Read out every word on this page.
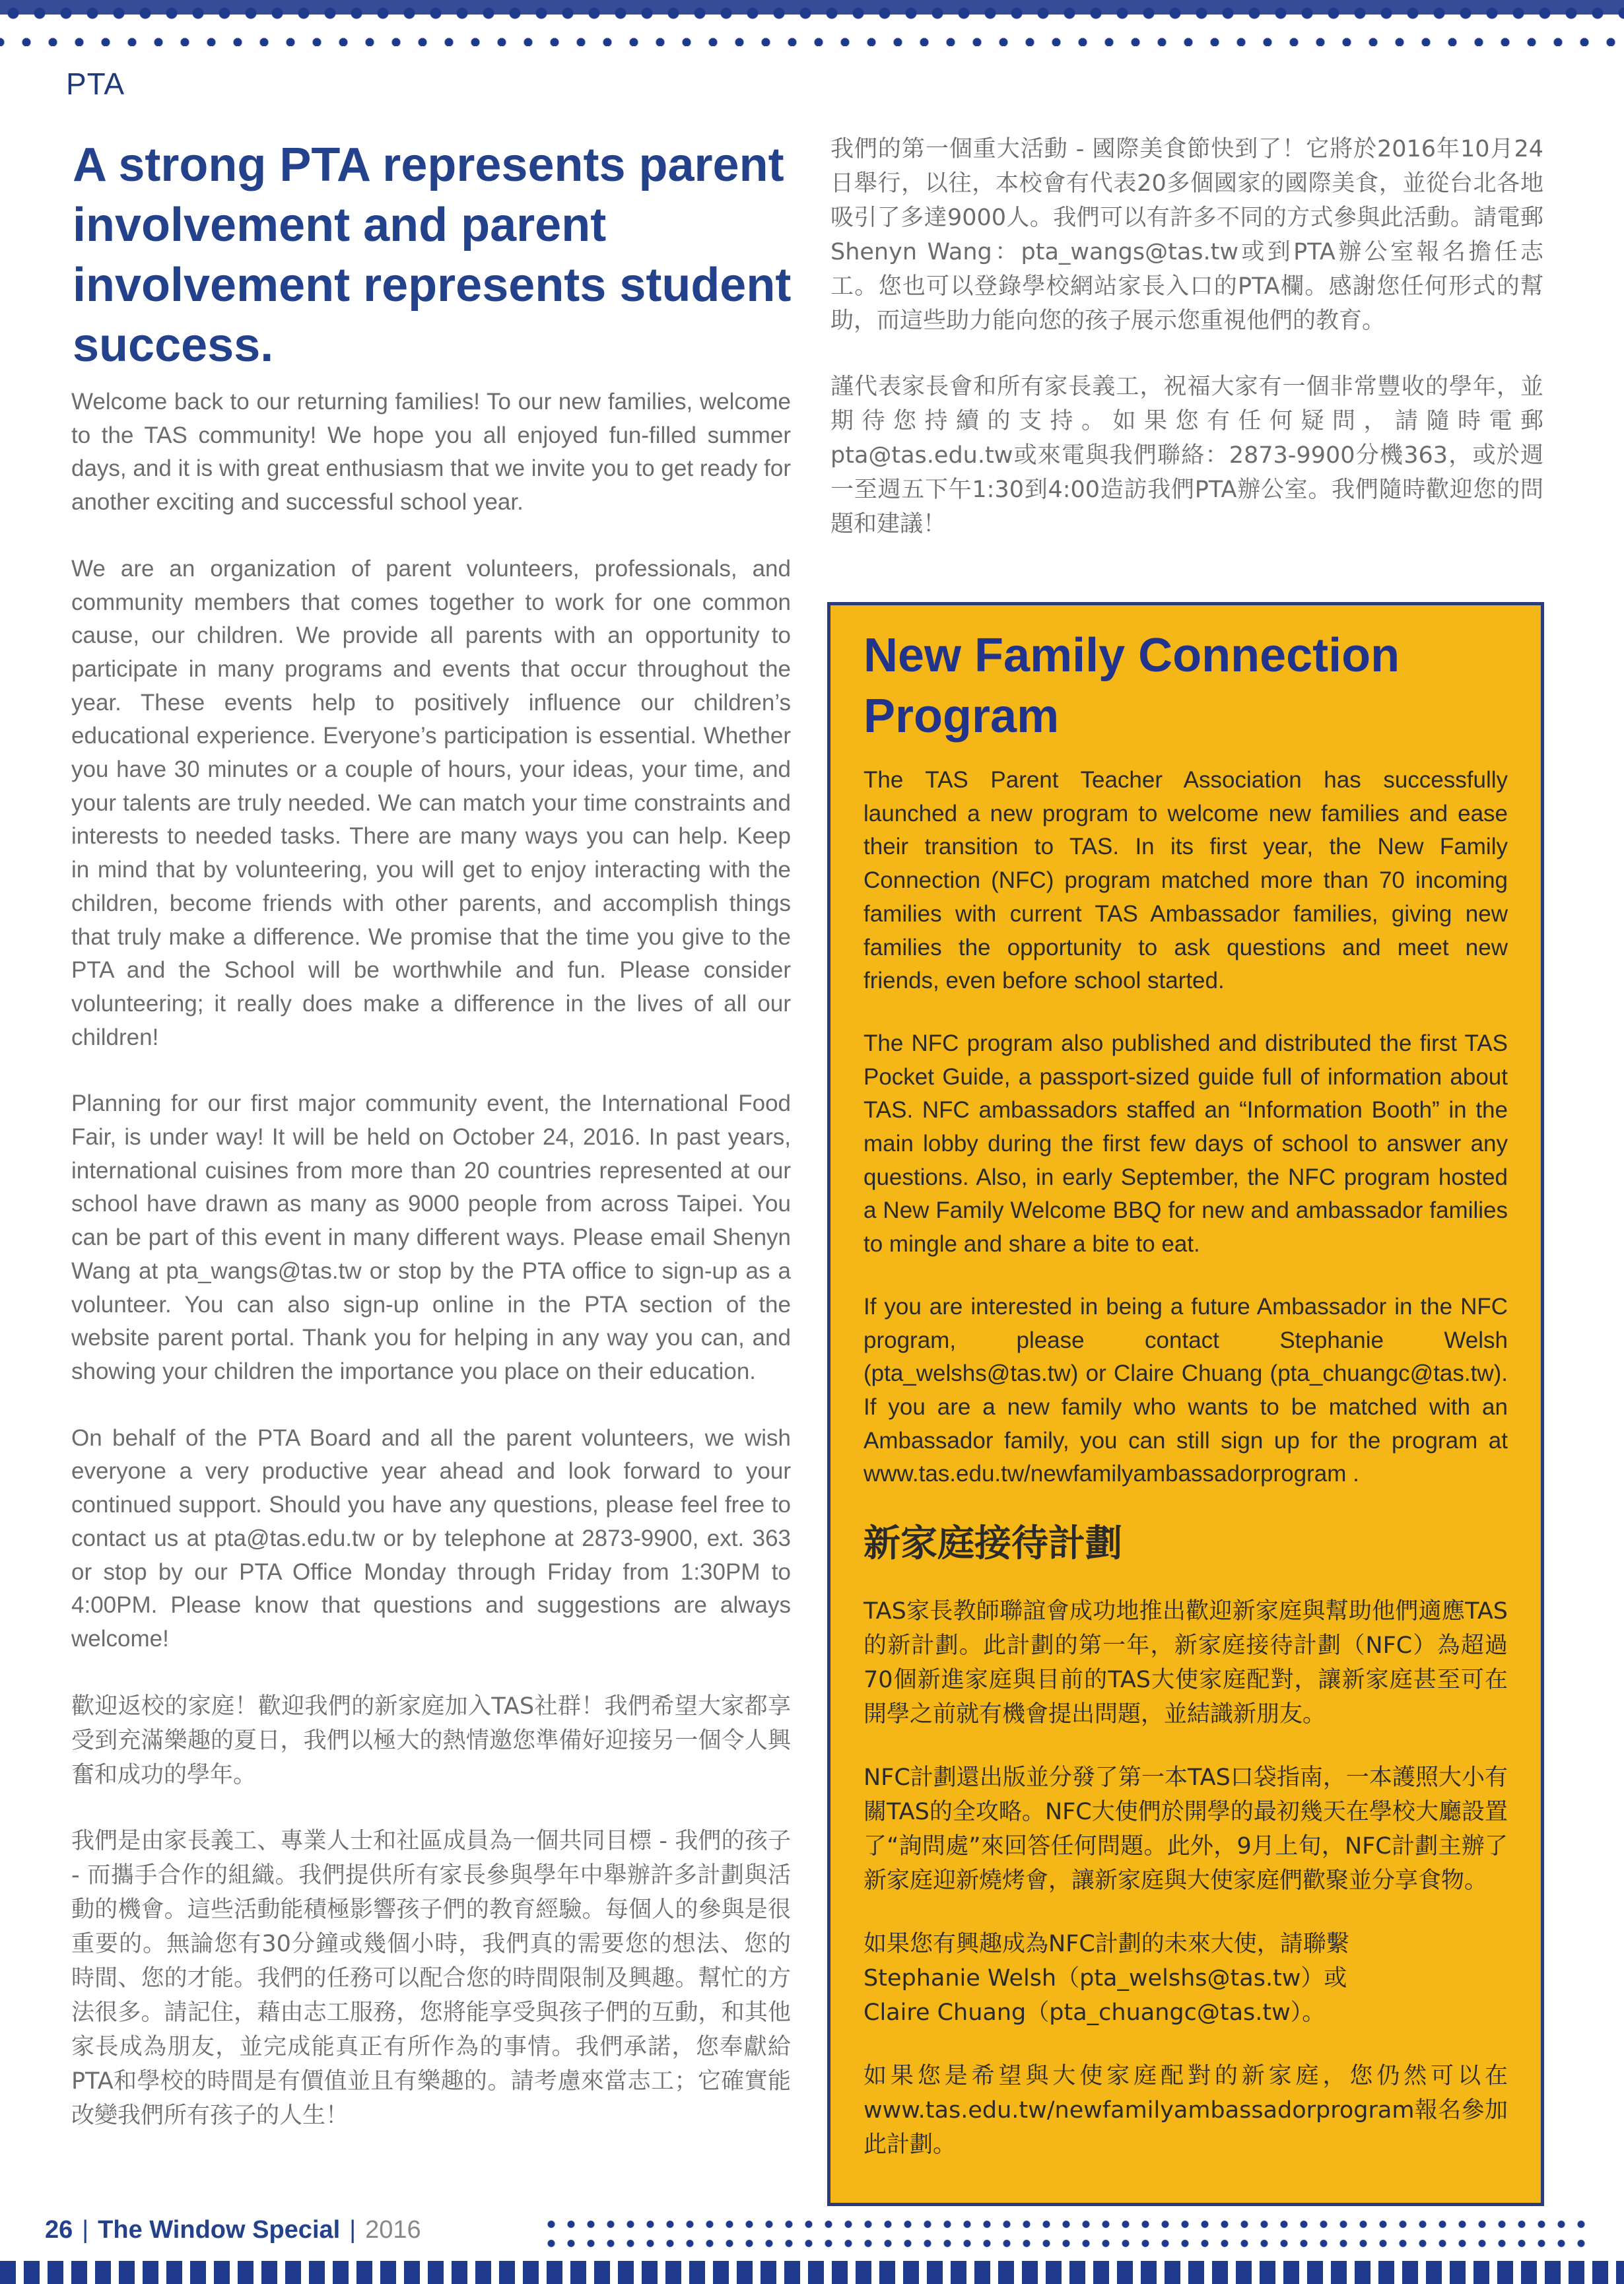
PTA
A strong PTA represents parent involvement and parent involvement represents student success.

Welcome back to our returning families! To our new families, welcome to the TAS community! We hope you all enjoyed fun-filled summer days, and it is with great enthusiasm that we invite you to get ready for another exciting and successful school year.

We are an organization of parent volunteers, professionals, and community members that comes together to work for one common cause, our children. We provide all parents with an opportunity to participate in many programs and events that occur throughout the year. These events help to positively influence our children’s educational experience. Everyone’s participation is essential. Whether you have 30 minutes or a couple of hours, your ideas, your time, and your talents are truly needed. We can match your time constraints and interests to needed tasks. There are many ways you can help. Keep in mind that by volunteering, you will get to enjoy interacting with the children, become friends with other parents, and accomplish things that truly make a difference. We promise that the time you give to the PTA and the School will be worthwhile and fun. Please consider volunteering; it really does make a difference in the lives of all our children!

Planning for our first major community event, the International Food Fair, is under way! It will be held on October 24, 2016. In past years, international cuisines from more than 20 countries represented at our school have drawn as many as 9000 people from across Taipei. You can be part of this event in many different ways. Please email Shenyn Wang at pta_wangs@tas.tw or stop by the PTA office to sign-up as a volunteer. You can also sign-up online in the PTA section of the website parent portal. Thank you for helping in any way you can, and showing your children the importance you place on their education.

On behalf of the PTA Board and all the parent volunteers, we wish everyone a very productive year ahead and look forward to your continued support. Should you have any questions, please feel free to contact us at pta@tas.edu.tw or by telephone at 2873-9900, ext. 363 or stop by our PTA Office Monday through Friday from 1:30PM to 4:00PM. Please know that questions and suggestions are always welcome!

歡迎返校的家庭！歡迎我們的新家庭加入TAS社群！我們希望大家都享受到充滿樂趣的夏日，我們以極大的熱情邀您準備好迎接另一個令人興奮和成功的學年。

我們是由家長義工、專業人士和社區成員為一個共同目標 - 我們的孩子 - 而攜手合作的組織。我們提供所有家長參與學年中舉辦許多計劃與活動的機會。這些活動能積極影響孩子們的教育經驗。每個人的參與是很重要的。無論您有30分鐘或幾個小時，我們真的需要您的想法、您的時間、您的才能。我們的任務可以配合您的時間限制及興趣。幫忙的方法很多。請記住，藉由志工服務，您將能享受與孩子們的互動，和其他家長成為朋友，並完成能真正有所作為的事情。我們承諾，您奉獻給PTA和學校的時間是有價值並且有樂趣的。請考慮來當志工；它確實能改變我們所有孩子的人生！

我們的第一個重大活動 - 國際美食節快到了！它將於2016年10月24日舉行，以往，本校會有代表20多個國家的國際美食，並從台北各地吸引了多達9000人。我們可以有許多不同的方式參與此活動。請電郵Shenyn Wang：pta_wangs@tas.tw或到PTA辦公室報名擔任志工。您也可以登錄學校網站家長入口的PTA欄。感謝您任何形式的幫助，而這些助力能向您的孩子展示您重視他們的教育。

謹代表家長會和所有家長義工，祝福大家有一個非常豐收的學年，並期待您持續的支持。如果您有任何疑問，請隨時電郵pta@tas.edu.tw或來電與我們聯絡：2873-9900分機363，或於週一至週五下午1:30到4:00造訪我們PTA辦公室。我們隨時歡迎您的問題和建議！

New Family Connection Program

The TAS Parent Teacher Association has successfully launched a new program to welcome new families and ease their transition to TAS. In its first year, the New Family Connection (NFC) program matched more than 70 incoming families with current TAS Ambassador families, giving new families the opportunity to ask questions and meet new friends, even before school started.

The NFC program also published and distributed the first TAS Pocket Guide, a passport-sized guide full of information about TAS. NFC ambassadors staffed an “Information Booth” in the main lobby during the first few days of school to answer any questions. Also, in early September, the NFC program hosted a New Family Welcome BBQ for new and ambassador families to mingle and share a bite to eat.

If you are interested in being a future Ambassador in the NFC program, please contact Stephanie Welsh (pta_welshs@tas.tw) or Claire Chuang (pta_chuangc@tas.tw). If you are a new family who wants to be matched with an Ambassador family, you can still sign up for the program at www.tas.edu.tw/newfamilyambassadorprogram .

新家庭接待計劃

TAS家長教師聯誼會成功地推出歡迎新家庭與幫助他們適應TAS的新計劃。此計劃的第一年，新家庭接待計劃（NFC）為超過70個新進家庭與目前的TAS大使家庭配對，讓新家庭甚至可在開學之前就有機會提出問題，並結識新朋友。

NFC計劃還出版並分發了第一本TAS口袋指南，一本護照大小有關TAS的全攻略。NFC大使們於開學的最初幾天在學校大廳設置了“詢問處”來回答任何問題。此外，9月上旬，NFC計劃主辦了新家庭迎新燒烤會，讓新家庭與大使家庭們歡聚並分享食物。

如果您有興趣成為NFC計劃的未來大使，請聯繫
Stephanie Welsh（pta_welshs@tas.tw）或
Claire Chuang（pta_chuangc@tas.tw）。

如果您是希望與大使家庭配對的新家庭，您仍然可以在www.tas.edu.tw/newfamilyambassadorprogram報名參加此計劃。

26 | The Window Special | 2016
